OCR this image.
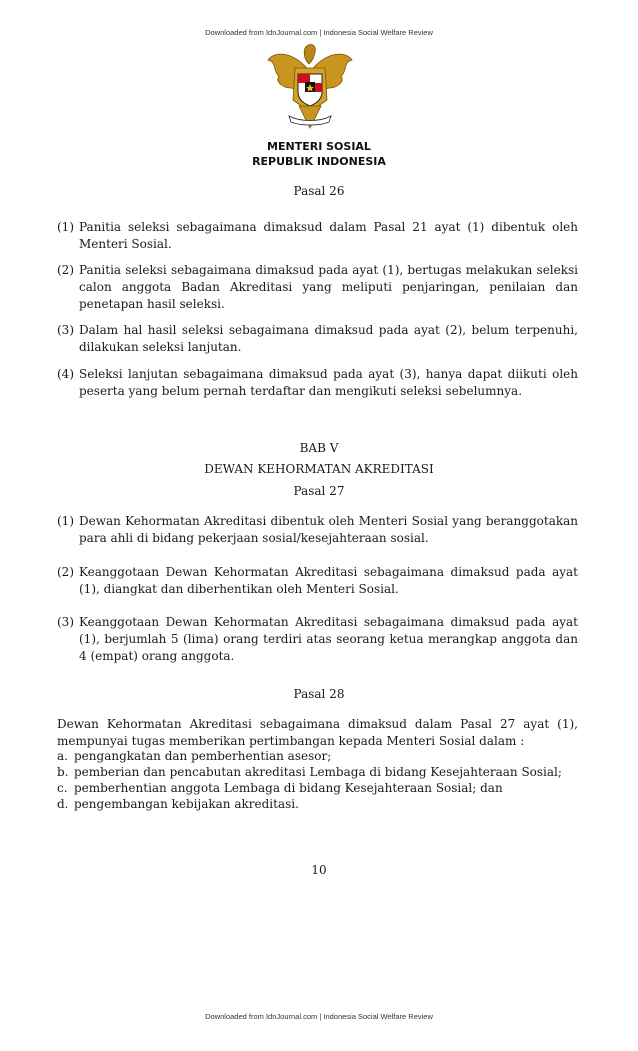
Downloaded from IdnJournal.com | Indonesia Social Welfare Review
MENTERI SOSIAL
REPUBLIK INDONESIA
Pasal 26
(1) Panitia seleksi sebagaimana dimaksud dalam Pasal 21 ayat (1) dibentuk oleh Menteri Sosial.
(2) Panitia seleksi sebagaimana dimaksud pada ayat (1), bertugas melakukan seleksi calon anggota Badan Akreditasi yang meliputi penjaringan, penilaian dan penetapan hasil seleksi.
(3) Dalam hal hasil seleksi sebagaimana dimaksud pada ayat (2), belum terpenuhi, dilakukan seleksi lanjutan.
(4) Seleksi lanjutan sebagaimana dimaksud pada ayat (3), hanya dapat diikuti oleh peserta yang belum pernah terdaftar dan mengikuti seleksi sebelumnya.
BAB V
DEWAN KEHORMATAN AKREDITASI
Pasal 27
(1) Dewan Kehormatan Akreditasi dibentuk oleh Menteri Sosial yang beranggotakan para ahli di bidang pekerjaan sosial/kesejahteraan sosial.
(2) Keanggotaan Dewan Kehormatan Akreditasi sebagaimana dimaksud pada ayat (1), diangkat dan diberhentikan oleh Menteri Sosial.
(3) Keanggotaan Dewan Kehormatan Akreditasi sebagaimana dimaksud pada ayat (1), berjumlah 5 (lima) orang terdiri atas seorang ketua merangkap anggota dan 4 (empat) orang anggota.
Pasal 28
Dewan Kehormatan Akreditasi sebagaimana dimaksud dalam Pasal 27 ayat (1), mempunyai tugas memberikan pertimbangan kepada Menteri Sosial dalam :
a. pengangkatan dan pemberhentian asesor;
b. pemberian dan pencabutan akreditasi Lembaga di bidang Kesejahteraan Sosial;
c. pemberhentian anggota Lembaga di bidang Kesejahteraan Sosial; dan
d. pengembangan kebijakan akreditasi.
10
Downloaded from IdnJournal.com | Indonesia Social Welfare Review
